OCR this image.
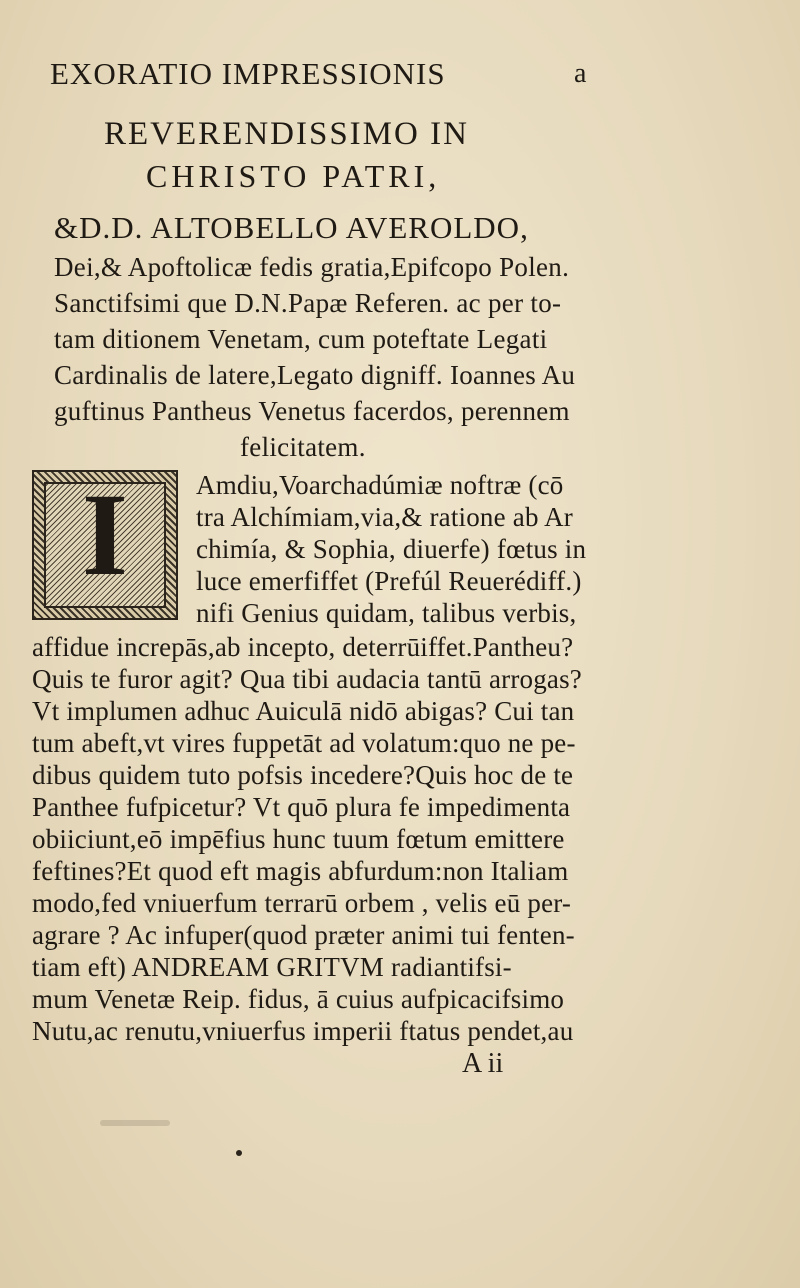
EXORATIO IMPRESSIONIS	a
REVERENDISSIMO IN
CHRISTO PATRI,
&D.D. ALTOBELLO AVEROLDO,
Dei,& Apoftolicæ fedis gratia,Epifcopo Polen.
Sanctifsimi que D.N.Papæ Referen. ac per to-
tam ditionem Venetam, cum poteftate Legati
Cardinalis de latere,Legato digniff. Ioannes Au
guftinus Pantheus Venetus facerdos, perennem
felicitatem.
I	Amdiu,Voarchadúmiæ noftræ (cō
tra Alchímiam,via,& ratione ab Ar
chimía, & Sophia, diuerfe) fœtus in
luce emerfiffet (Prefúl Reuerédiff.)
nifi Genius quidam, talibus verbis,
affidue increpās,ab incepto, deterrūiffet.Pantheu?
Quis te furor agit? Qua tibi audacia tantū arrogas?
Vt implumen adhuc Auiculā nidō abigas? Cui tan
tum abeft,vt vires fuppetāt ad volatum:quo ne pe-
dibus quidem tuto pofsis incedere?Quis hoc de te
Panthee fufpicetur? Vt quō plura fe impedimenta
obiiciunt,eō impēfius hunc tuum fœtum emittere
feftines?Et quod eft magis abfurdum:non Italiam
modo,fed vniuerfum terrarū orbem , velis eū per-
agrare ? Ac infuper(quod præter animi tui fenten-
tiam eft) ANDREAM GRITVM radiantifsi-
mum Venetæ Reip. fidus, ā cuius aufpicacifsimo
Nutu,ac renutu,vniuerfus imperii ftatus pendet,au
A ii
